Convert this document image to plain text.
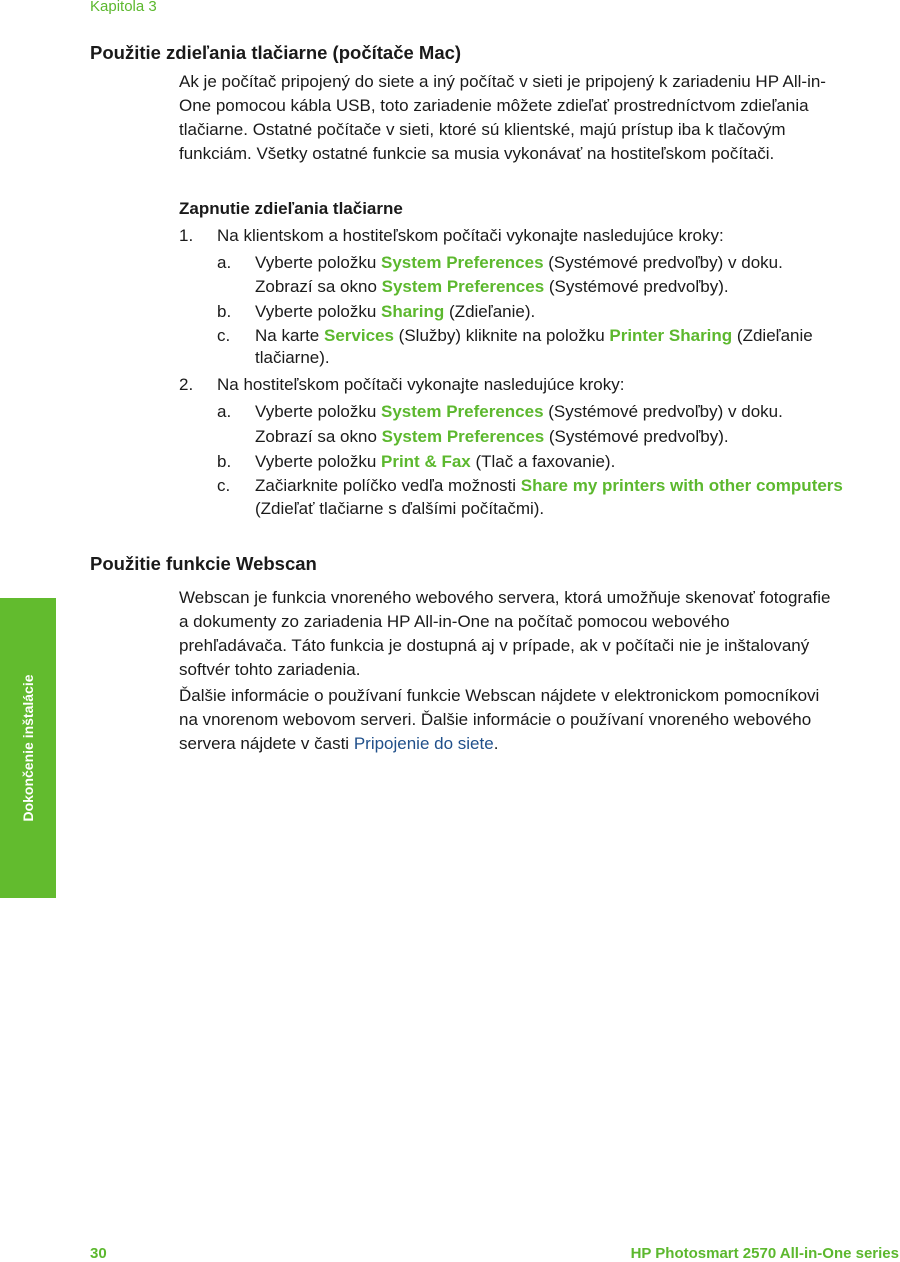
Kapitola 3
Dokončenie inštalácie
Použitie zdieľania tlačiarne (počítače Mac)

Ak je počítač pripojený do siete a iný počítač v sieti je pripojený k zariadeniu HP All-in-

One pomocou kábla USB, toto zariadenie môžete zdieľať prostredníctvom zdieľania

tlačiarne. Ostatné počítače v sieti, ktoré sú klientské, majú prístup iba k tlačovým

funkciám. Všetky ostatné funkcie sa musia vykonávať na hostiteľskom počítači.

Zapnutie zdieľania tlačiarne
1. Na klientskom a hostiteľskom počítači vykonajte nasledujúce kroky:
a. Vyberte položku System Preferences (Systémové predvoľby) v doku.
Zobrazí sa okno System Preferences (Systémové predvoľby).
b. Vyberte položku Sharing (Zdieľanie).
c. Na karte Services (Služby) kliknite na položku Printer Sharing (Zdieľanie
tlačiarne).
2. Na hostiteľskom počítači vykonajte nasledujúce kroky:
a. Vyberte položku System Preferences (Systémové predvoľby) v doku.
Zobrazí sa okno System Preferences (Systémové predvoľby).
b. Vyberte položku Print & Fax (Tlač a faxovanie).
c. Začiarknite políčko vedľa možnosti Share my printers with other computers
(Zdieľať tlačiarne s ďalšími počítačmi).
Použitie funkcie Webscan

Webscan je funkcia vnoreného webového servera, ktorá umožňuje skenovať fotografie

a dokumenty zo zariadenia HP All-in-One na počítač pomocou webového

prehľadávača. Táto funkcia je dostupná aj v prípade, ak v počítači nie je inštalovaný

softvér tohto zariadenia.

Ďalšie informácie o používaní funkcie Webscan nájdete v elektronickom pomocníkovi

na vnorenom webovom serveri. Ďalšie informácie o používaní vnoreného webového

servera nájdete v časti Pripojenie do siete.

30	HP Photosmart 2570 All-in-One series
